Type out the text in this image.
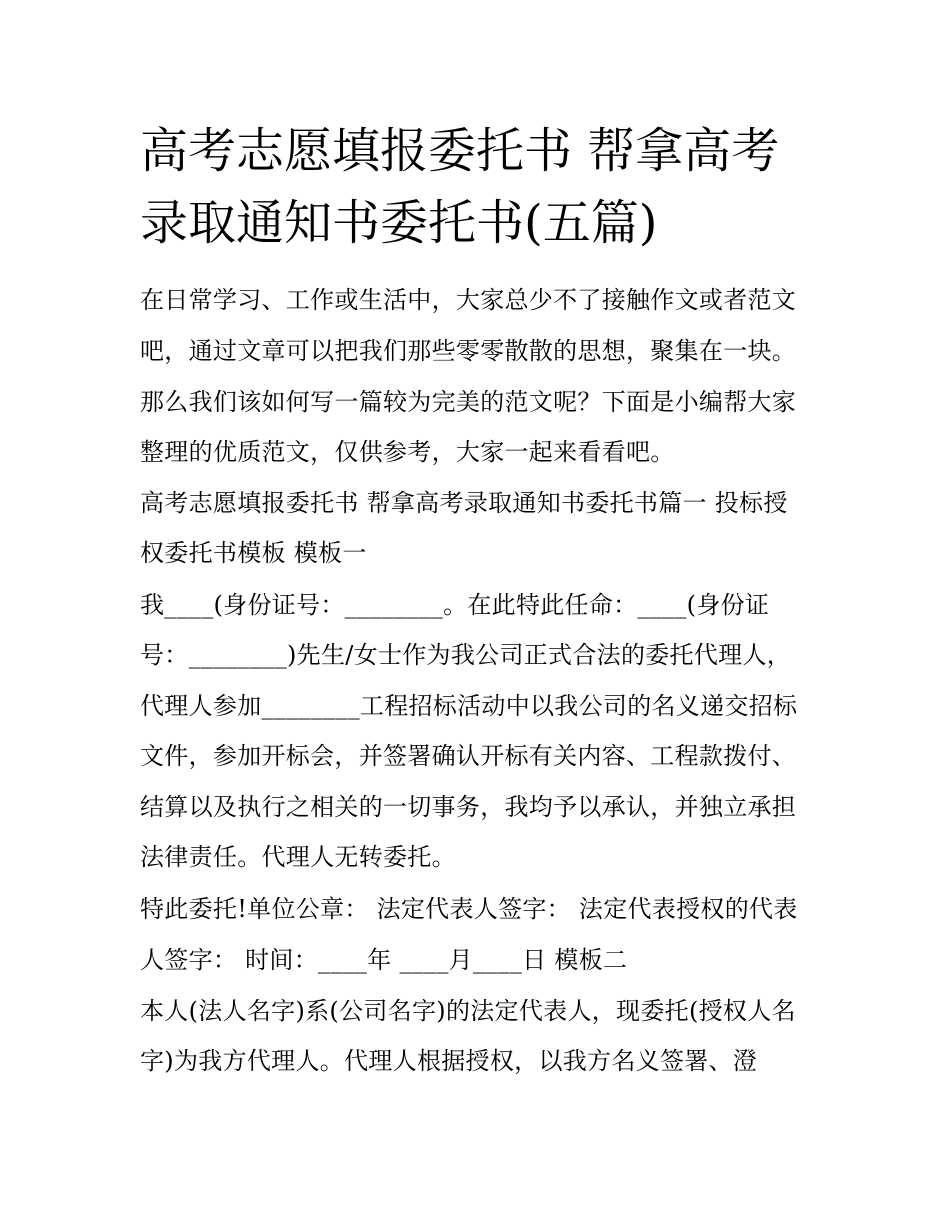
高考志愿填报委托书 帮拿高考
录取通知书委托书(五篇)
在日常学习、工作或生活中，大家总少不了接触作文或者范文
吧，通过文章可以把我们那些零零散散的思想，聚集在一块。
那么我们该如何写一篇较为完美的范文呢？下面是小编帮大家
整理的优质范文，仅供参考，大家一起来看看吧。
高考志愿填报委托书 帮拿高考录取通知书委托书篇一 投标授
权委托书模板 模板一
我____(身份证号：________。在此特此任命：____(身份证
号：________)先生/女士作为我公司正式合法的委托代理人，
代理人参加________工程招标活动中以我公司的名义递交招标
文件，参加开标会，并签署确认开标有关内容、工程款拨付、
结算以及执行之相关的一切事务，我均予以承认，并独立承担
法律责任。代理人无转委托。
特此委托!单位公章： 法定代表人签字： 法定代表授权的代表
人签字： 时间：____年 ____月____日 模板二
本人(法人名字)系(公司名字)的法定代表人，现委托(授权人名
字)为我方代理人。代理人根据授权，以我方名义签署、澄
